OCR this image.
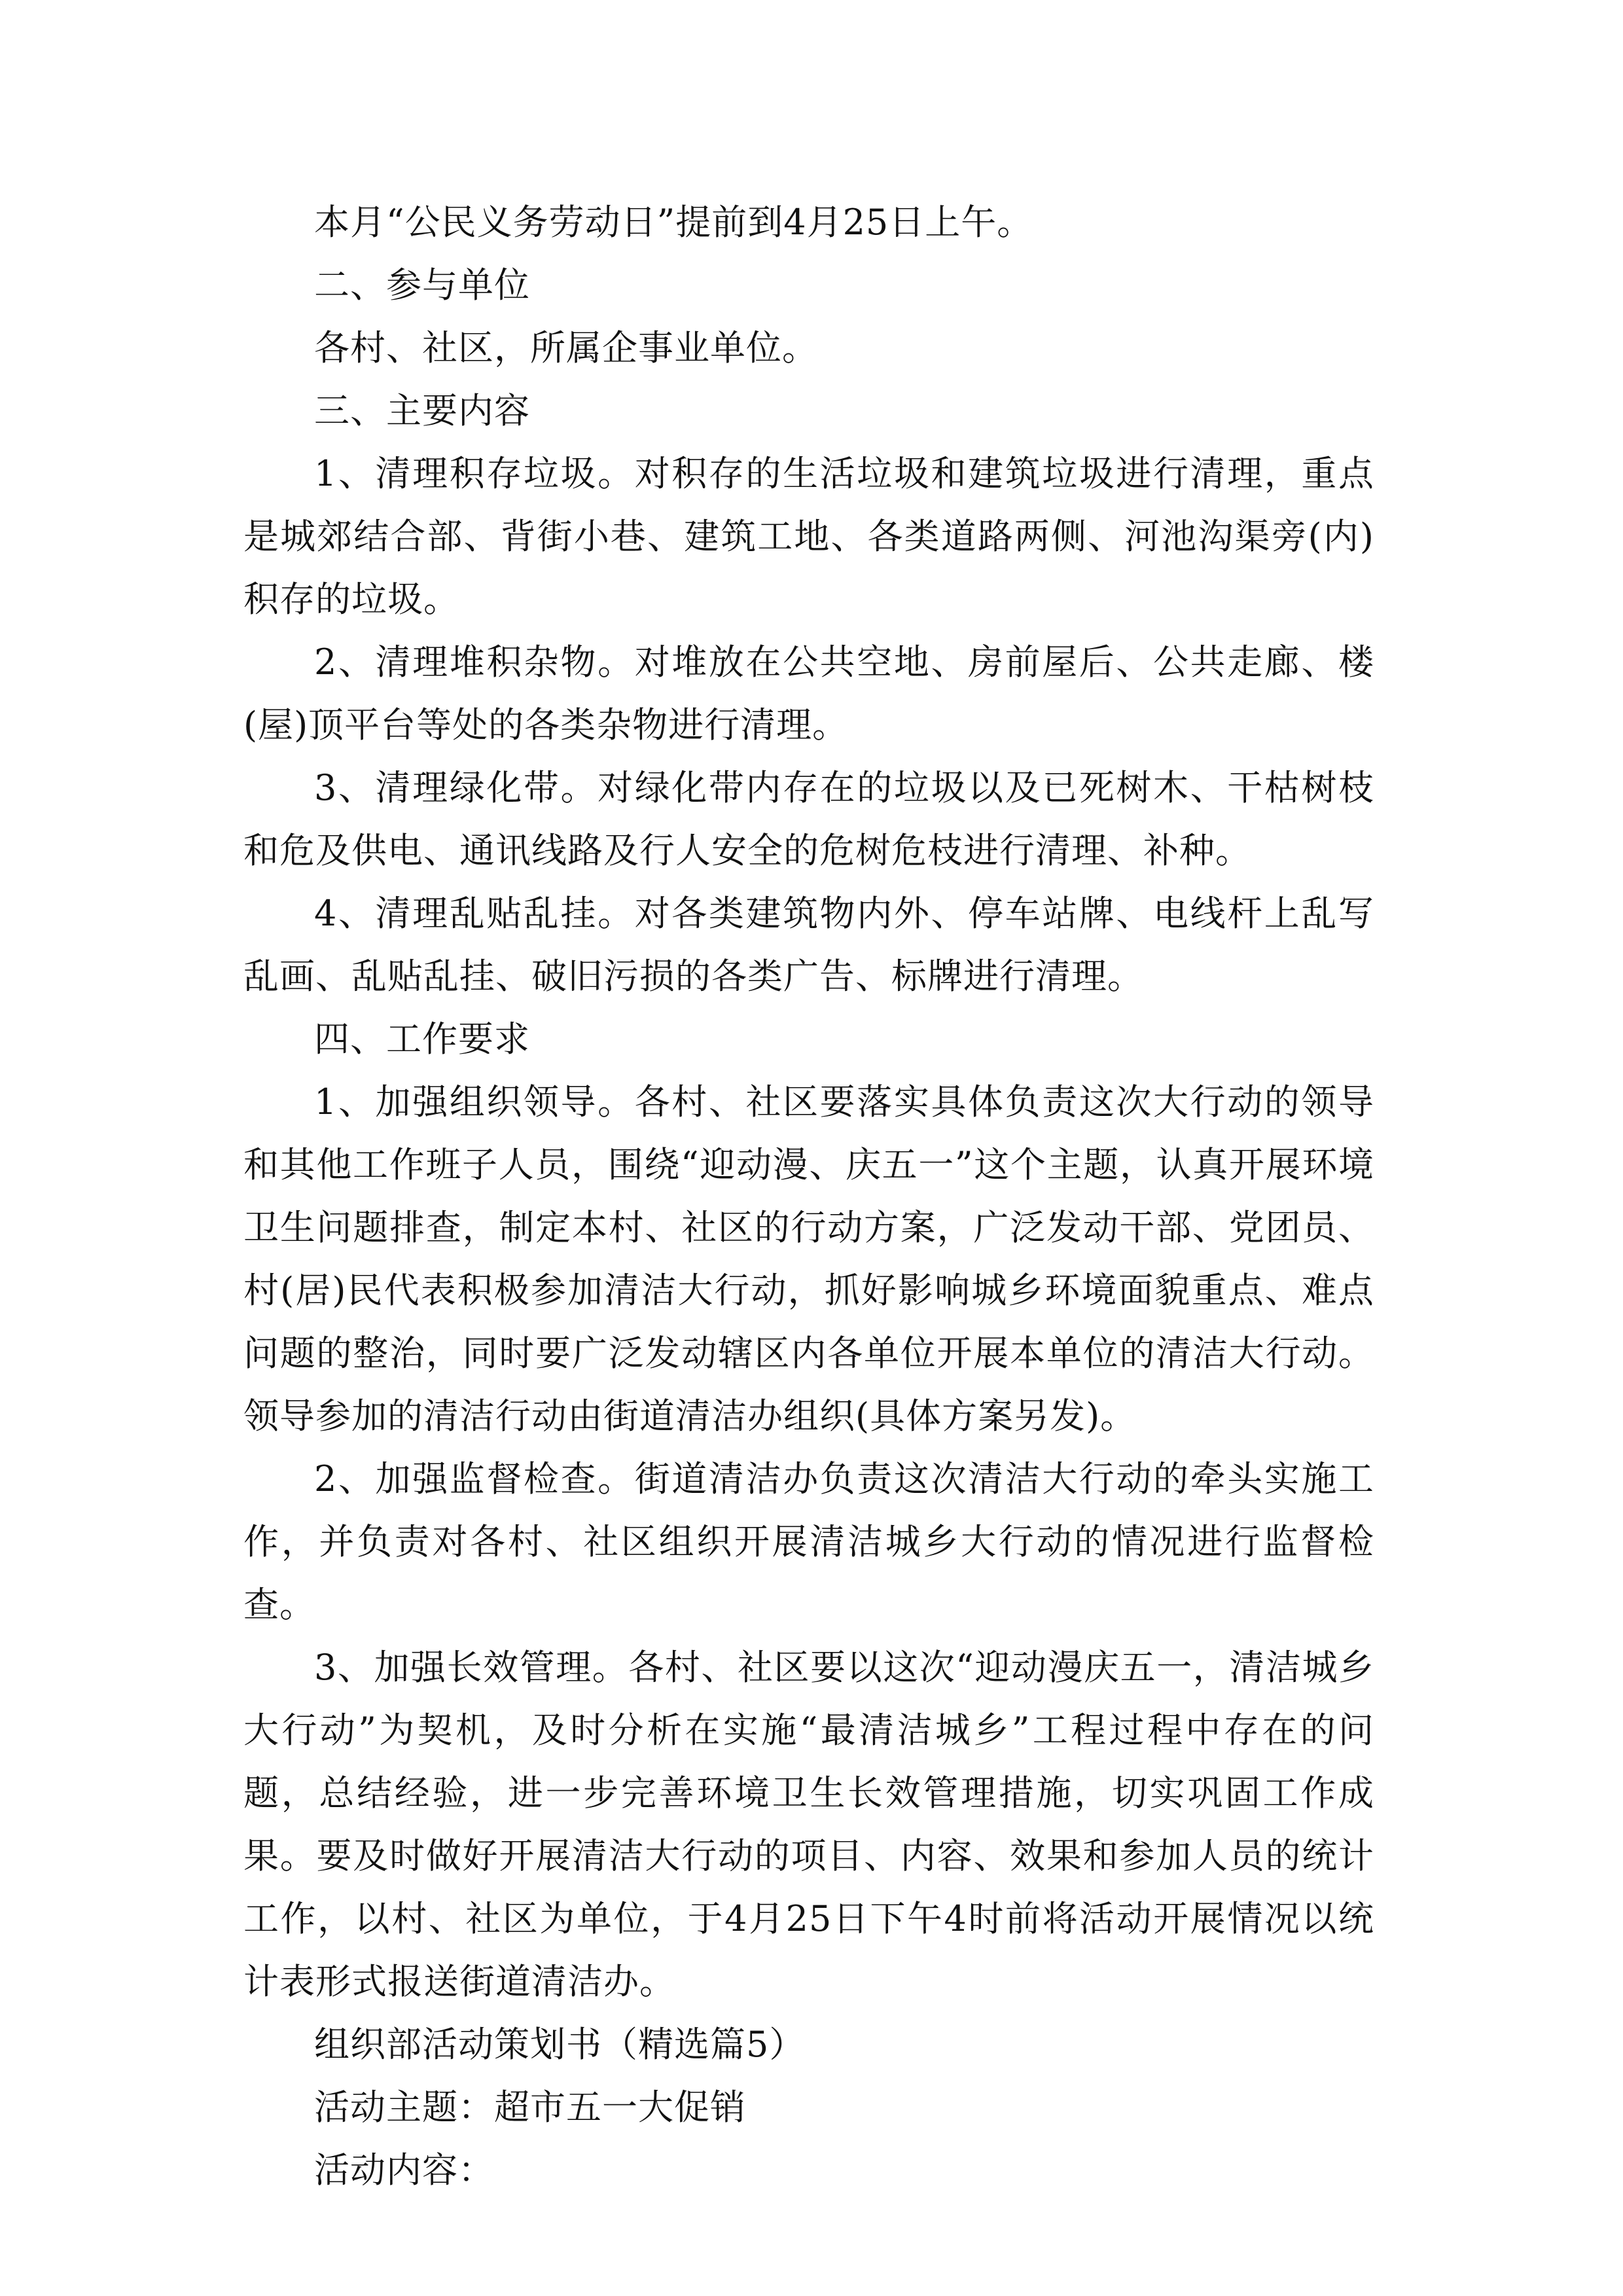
本月“公民义务劳动日”提前到4月25日上午。

二、参与单位

各村、社区，所属企事业单位。

三、主要内容

1、清理积存垃圾。对积存的生活垃圾和建筑垃圾进行清理，重点是城郊结合部、背街小巷、建筑工地、各类道路两侧、河池沟渠旁(内)积存的垃圾。

2、清理堆积杂物。对堆放在公共空地、房前屋后、公共走廊、楼(屋)顶平台等处的各类杂物进行清理。

3、清理绿化带。对绿化带内存在的垃圾以及已死树木、干枯树枝和危及供电、通讯线路及行人安全的危树危枝进行清理、补种。

4、清理乱贴乱挂。对各类建筑物内外、停车站牌、电线杆上乱写乱画、乱贴乱挂、破旧污损的各类广告、标牌进行清理。

四、工作要求

1、加强组织领导。各村、社区要落实具体负责这次大行动的领导和其他工作班子人员，围绕“迎动漫、庆五一”这个主题，认真开展环境卫生问题排查，制定本村、社区的行动方案，广泛发动干部、党团员、村(居)民代表积极参加清洁大行动，抓好影响城乡环境面貌重点、难点问题的整治，同时要广泛发动辖区内各单位开展本单位的清洁大行动。领导参加的清洁行动由街道清洁办组织(具体方案另发)。

2、加强监督检查。街道清洁办负责这次清洁大行动的牵头实施工作，并负责对各村、社区组织开展清洁城乡大行动的情况进行监督检查。

3、加强长效管理。各村、社区要以这次“迎动漫庆五一，清洁城乡大行动”为契机，及时分析在实施“最清洁城乡”工程过程中存在的问题，总结经验，进一步完善环境卫生长效管理措施，切实巩固工作成果。要及时做好开展清洁大行动的项目、内容、效果和参加人员的统计工作，以村、社区为单位，于4月25日下午4时前将活动开展情况以统计表形式报送街道清洁办。

组织部活动策划书（精选篇5）

活动主题：超市五一大促销

活动内容：
